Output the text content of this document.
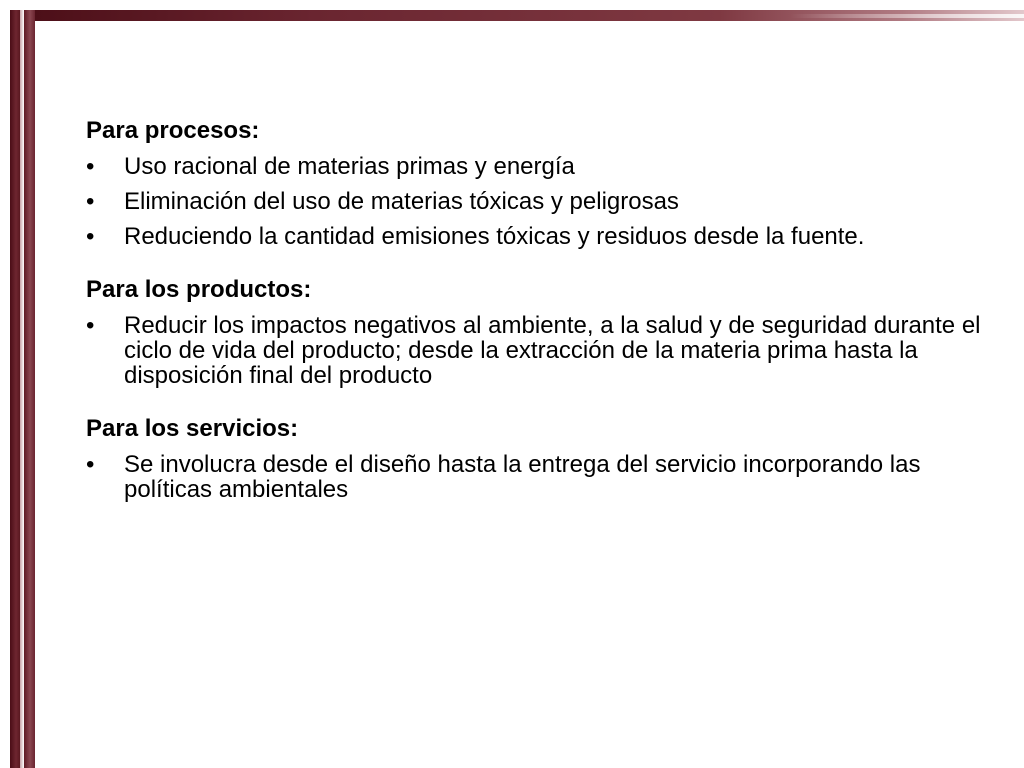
Para procesos:
• Uso racional de materias primas y energía
• Eliminación del uso de materias tóxicas y peligrosas
• Reduciendo la cantidad emisiones tóxicas y residuos desde la fuente.
Para los productos:
• Reducir los impactos negativos al ambiente, a la salud y de seguridad durante el ciclo de vida del producto; desde la extracción de la materia prima hasta la disposición final del producto
Para los servicios:
• Se involucra desde el diseño hasta la entrega del servicio incorporando las políticas ambientales
